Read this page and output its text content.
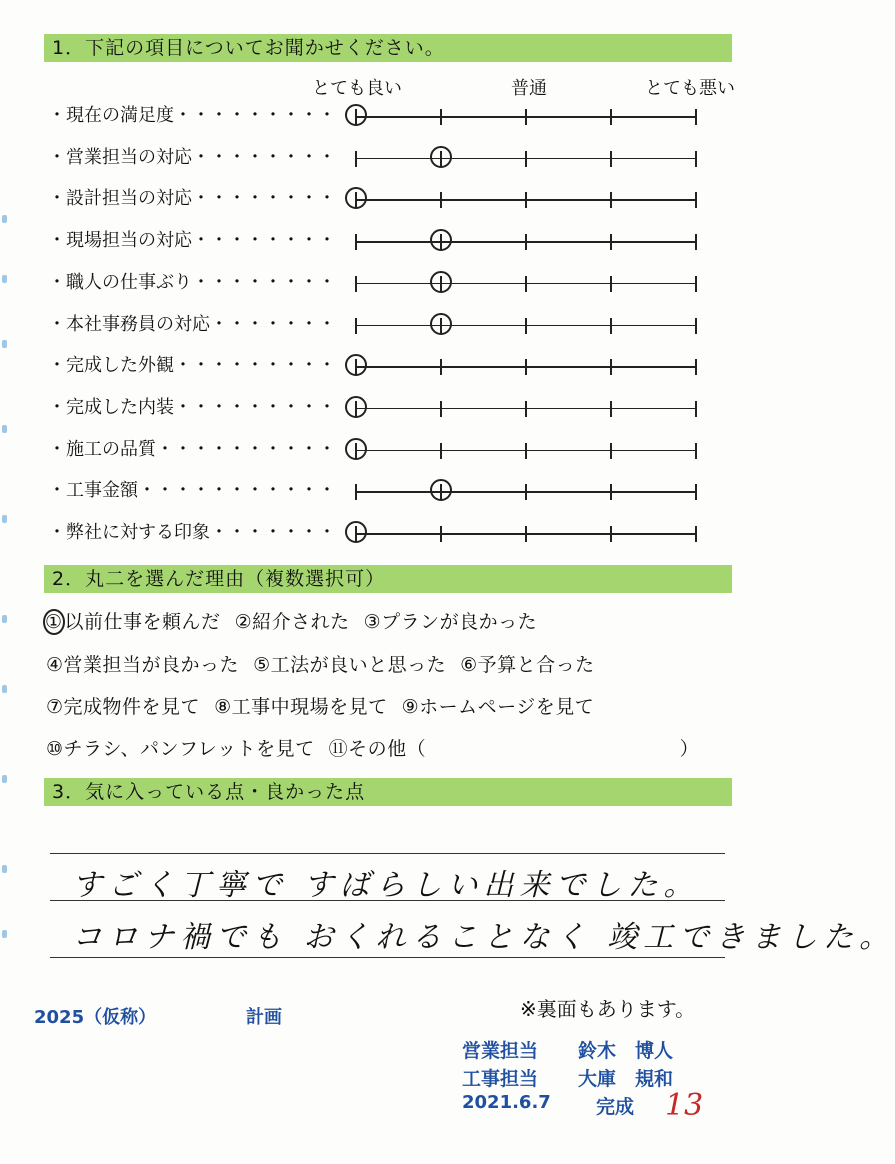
1．下記の項目についてお聞かせください。
とても良い	普通	とても悪い
・現在の満足度・・・・・・・・・
・営業担当の対応・・・・・・・・
・設計担当の対応・・・・・・・・
・現場担当の対応・・・・・・・・
・職人の仕事ぶり・・・・・・・・
・本社事務員の対応・・・・・・・
・完成した外観・・・・・・・・・
・完成した内装・・・・・・・・・
・施工の品質・・・・・・・・・・
・工事金額・・・・・・・・・・・
・弊社に対する印象・・・・・・・
2．丸二を選んだ理由（複数選択可）
① 以前仕事を頼んだ ②紹介された ③プランが良かった
④営業担当が良かった ⑤工法が良いと思った ⑥予算と合った
⑦完成物件を見て ⑧工事中現場を見て ⑨ホームページを見て
⑩チラシ、パンフレットを見て ⑪その他（　　　　　　　　　　　　　）
3．気に入っている点・良かった点
すごく丁寧で すばらしい出来でした。
コロナ禍でも おくれることなく 竣工できました。
2025（仮称）	計画	※裏面もあります。
営業担当 鈴木　博人
工事担当 大庫　規和
2021.6.7 完成 13
